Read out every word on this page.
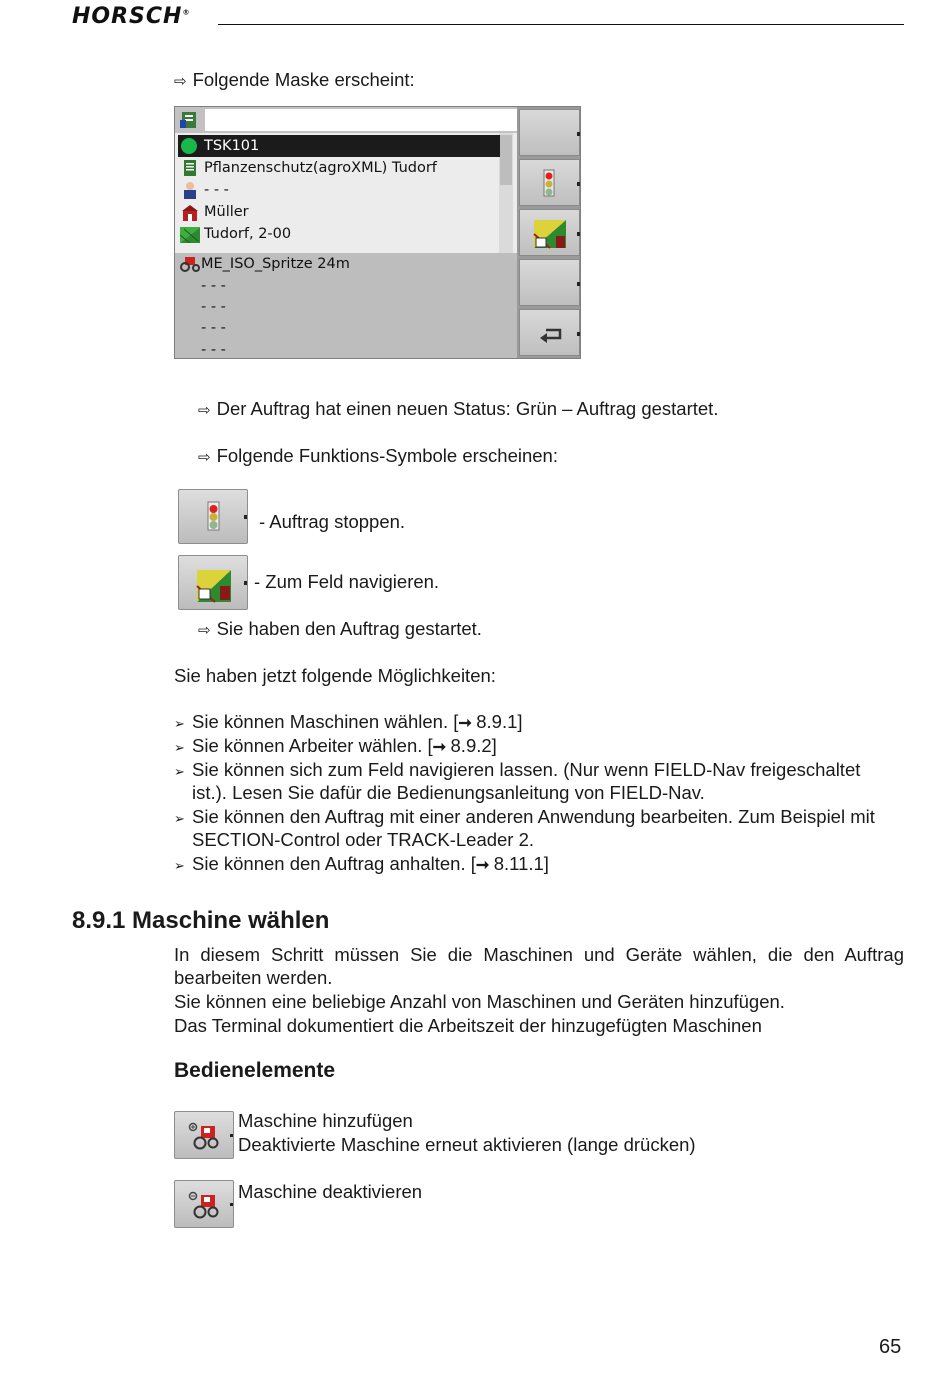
HORSCH®
⇨ Folgende Maske erscheint:
TSK101
Pflanzenschutz(agroXML) Tudorf
- - -
Müller
Tudorf, 2-00
ME_ISO_Spritze 24m
- - -
- - -
- - -
- - -
⇨ Der Auftrag hat einen neuen Status: Grün – Auftrag gestartet.
⇨ Folgende Funktions-Symbole erscheinen:
- Auftrag stoppen.
- Zum Feld navigieren.
⇨ Sie haben den Auftrag gestartet.
Sie haben jetzt folgende Möglichkeiten:
➢ Sie können Maschinen wählen. [➞ 8.9.1]
➢ Sie können Arbeiter wählen. [➞ 8.9.2]
➢ Sie können sich zum Feld navigieren lassen. (Nur wenn FIELD-Nav freigeschaltet
ist.). Lesen Sie dafür die Bedienungsanleitung von FIELD-Nav.
➢ Sie können den Auftrag mit einer anderen Anwendung bearbeiten. Zum Beispiel mit
SECTION-Control oder TRACK-Leader 2.
➢ Sie können den Auftrag anhalten. [➞ 8.11.1]
8.9.1 Maschine wählen
In diesem Schritt müssen Sie die Maschinen und Geräte wählen, die den Auftrag
bearbeiten werden.
Sie können eine beliebige Anzahl von Maschinen und Geräten hinzufügen.
Das Terminal dokumentiert die Arbeitszeit der hinzugefügten Maschinen
Bedienelemente
Maschine hinzufügen
Deaktivierte Maschine erneut aktivieren (lange drücken)
Maschine deaktivieren
65
